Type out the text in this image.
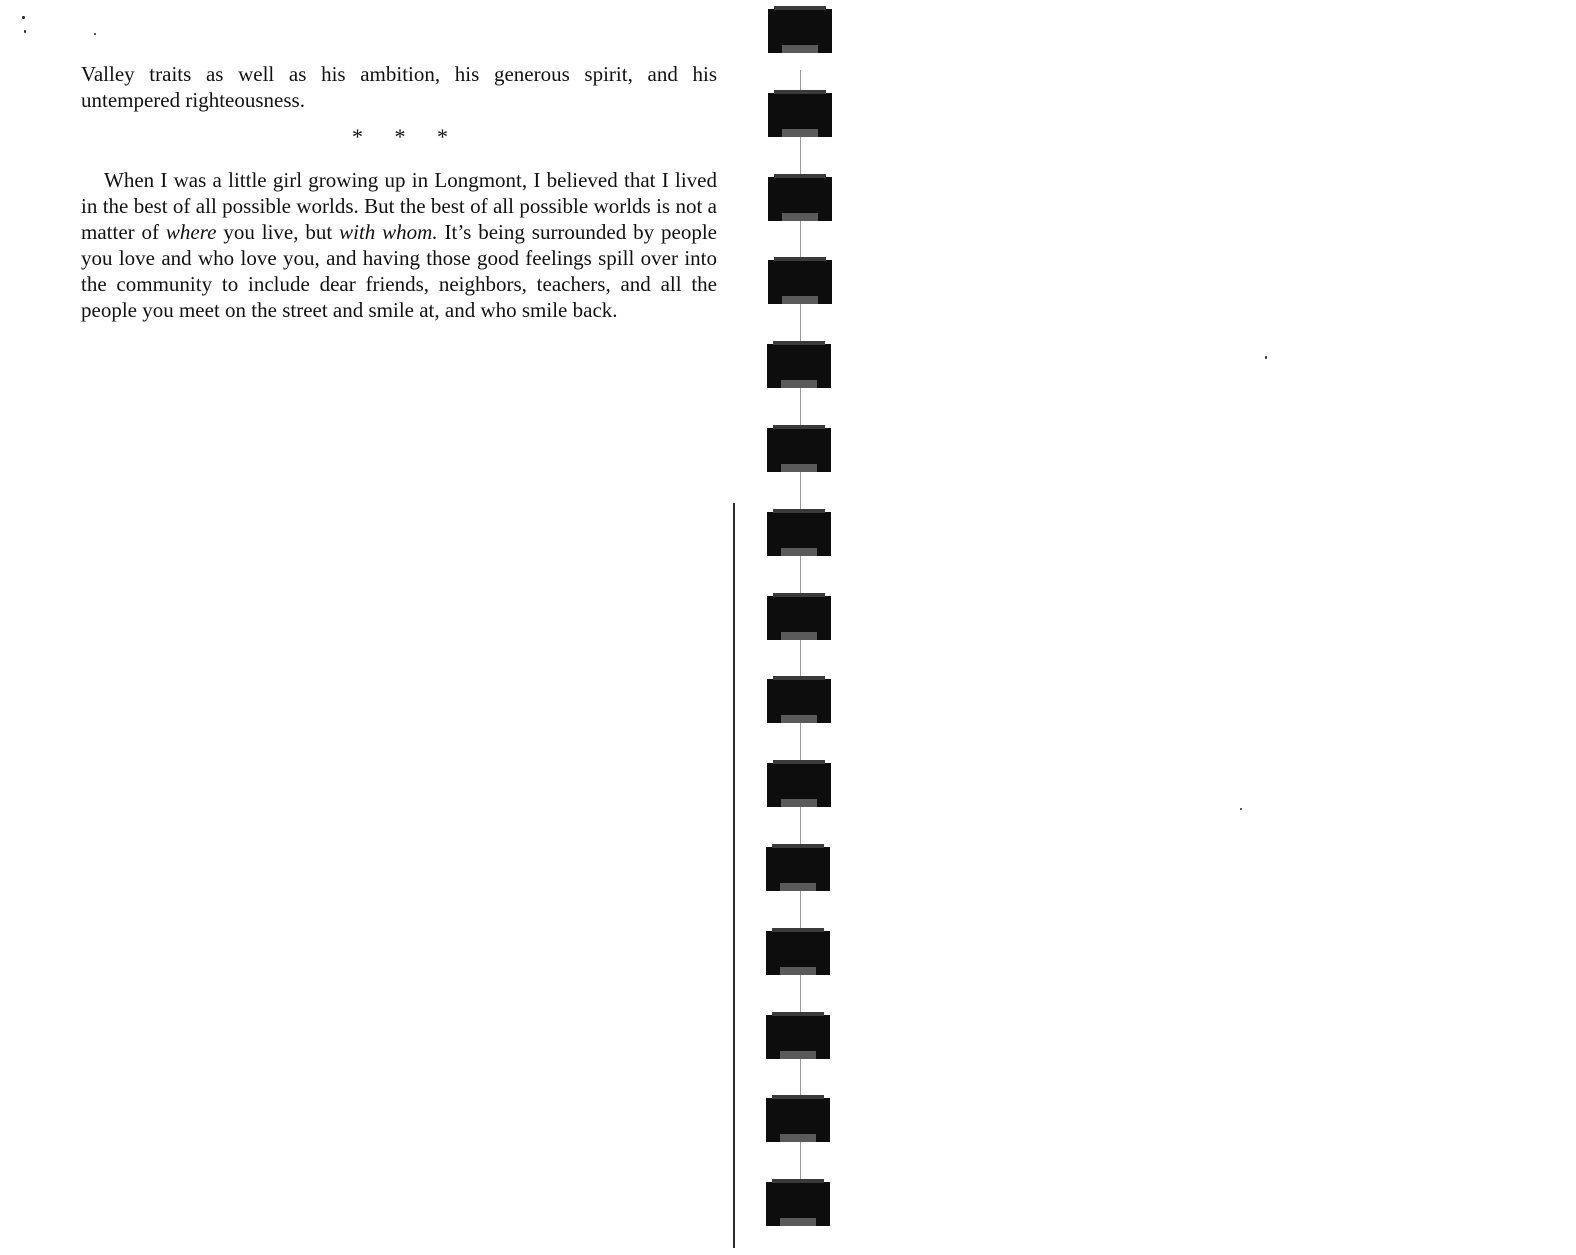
Valley traits as well as his ambition, his generous spirit, and his untempered righteousness.
* * *
When I was a little girl growing up in Longmont, I believed that I lived in the best of all possible worlds. But the best of all possible worlds is not a matter of where you live, but with whom. It’s being surrounded by people you love and who love you, and having those good feelings spill over into the community to include dear friends, neighbors, teachers, and all the people you meet on the street and smile at, and who smile back.
